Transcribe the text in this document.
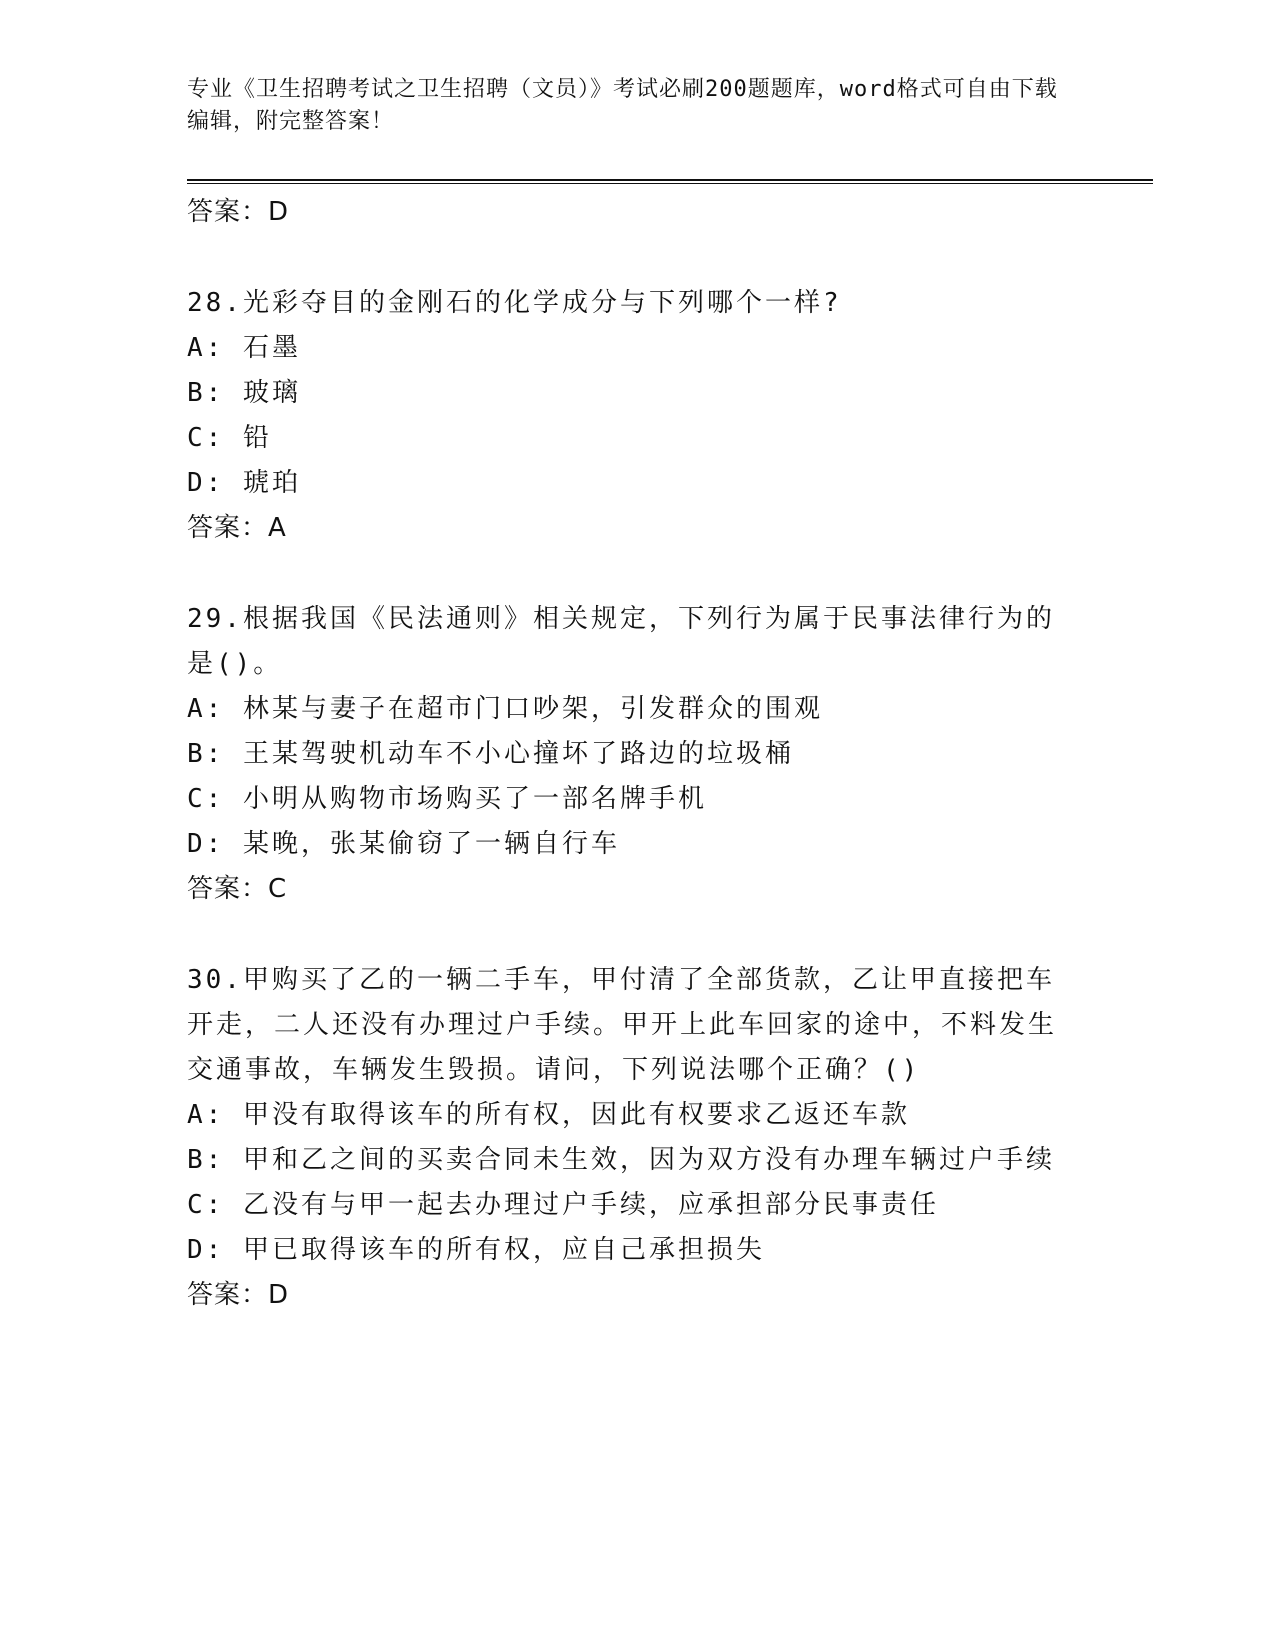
专业《卫生招聘考试之卫生招聘（文员）》考试必刷200题题库，word格式可自由下载编辑，附完整答案！
答案：D
28.光彩夺目的金刚石的化学成分与下列哪个一样?
A: 石墨
B: 玻璃
C: 铅
D: 琥珀
答案：A
29.根据我国《民法通则》相关规定，下列行为属于民事法律行为的是()。
A: 林某与妻子在超市门口吵架，引发群众的围观
B: 王某驾驶机动车不小心撞坏了路边的垃圾桶
C: 小明从购物市场购买了一部名牌手机
D: 某晚，张某偷窃了一辆自行车
答案：C
30.甲购买了乙的一辆二手车，甲付清了全部货款，乙让甲直接把车开走，二人还没有办理过户手续。甲开上此车回家的途中，不料发生交通事故，车辆发生毁损。请问，下列说法哪个正确？()
A: 甲没有取得该车的所有权，因此有权要求乙返还车款
B: 甲和乙之间的买卖合同未生效，因为双方没有办理车辆过户手续
C: 乙没有与甲一起去办理过户手续，应承担部分民事责任
D: 甲已取得该车的所有权，应自己承担损失
答案：D
